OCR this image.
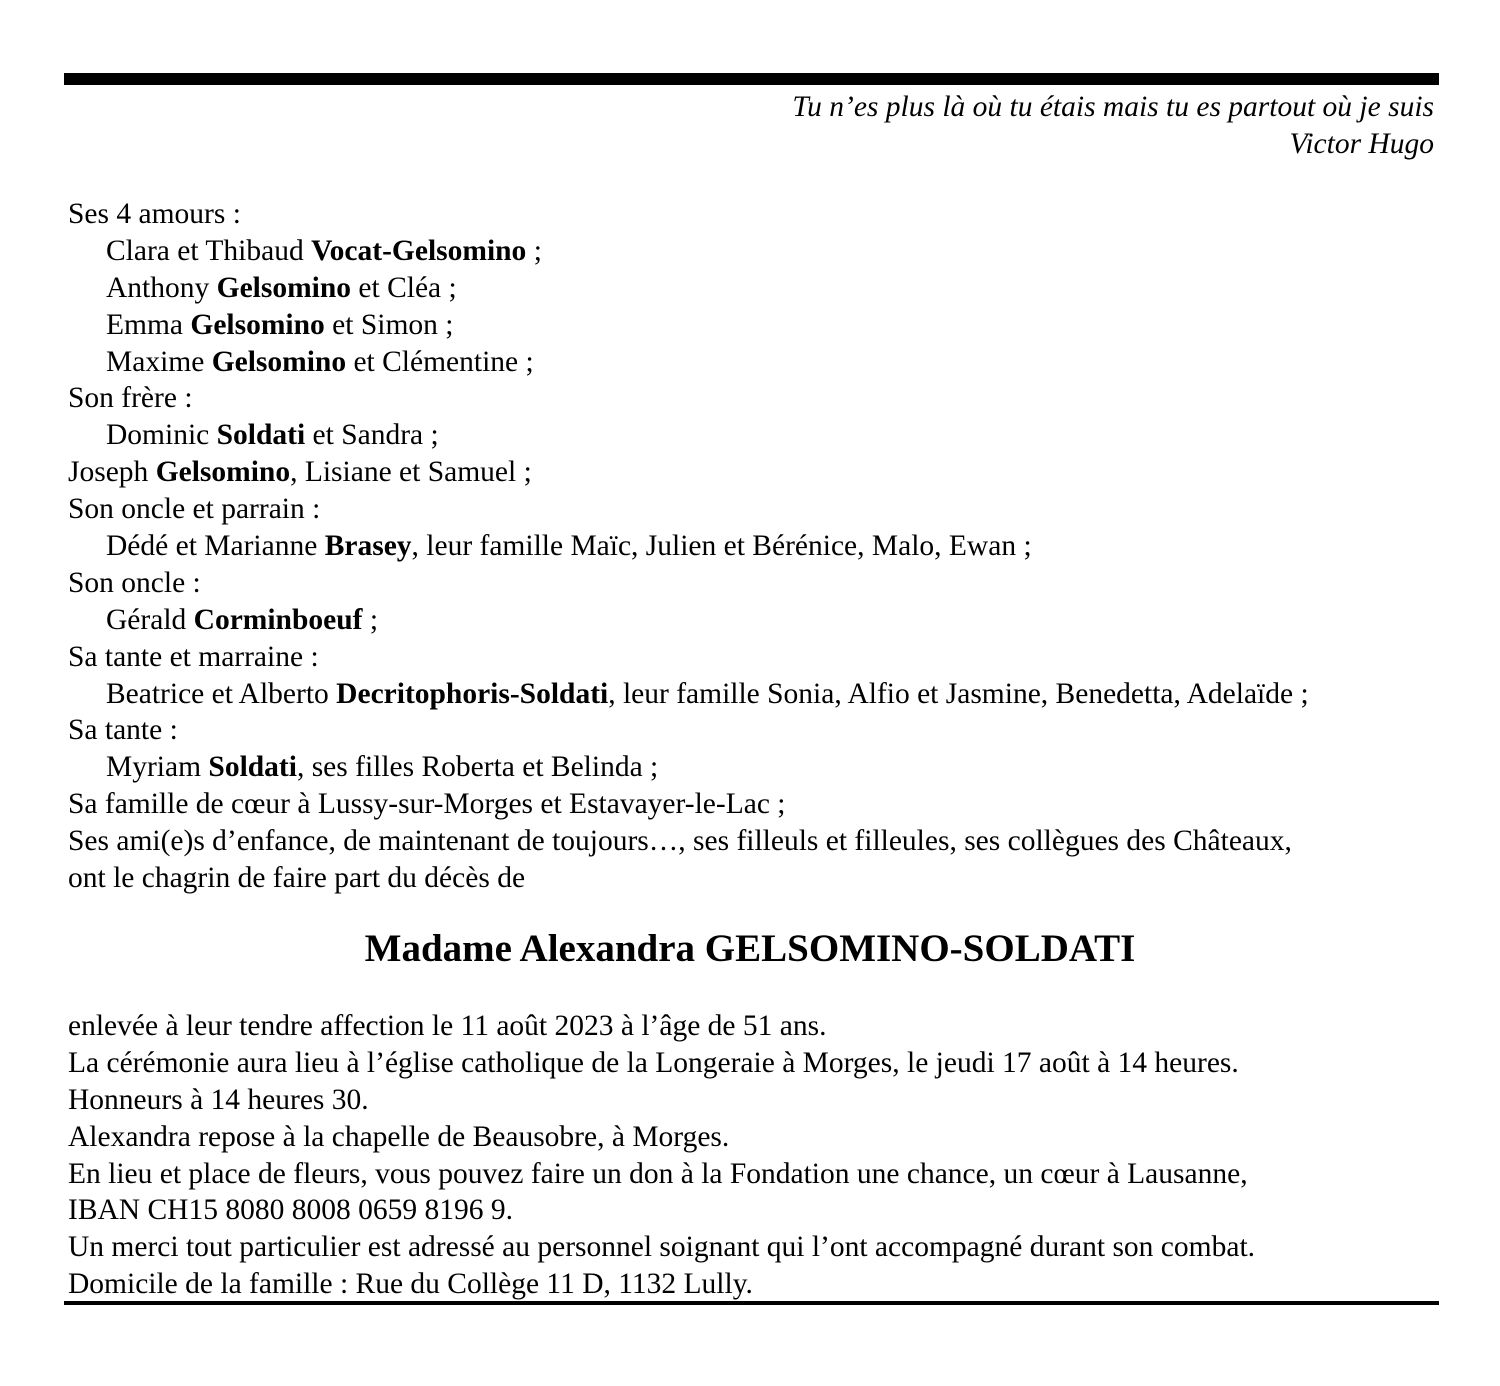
Tu n’es plus là où tu étais mais tu es partout où je suis
Victor Hugo
Ses 4 amours :
Clara et Thibaud Vocat-Gelsomino ;
Anthony Gelsomino et Cléa ;
Emma Gelsomino et Simon ;
Maxime Gelsomino et Clémentine ;
Son frère :
Dominic Soldati et Sandra ;
Joseph Gelsomino, Lisiane et Samuel ;
Son oncle et parrain :
Dédé et Marianne Brasey, leur famille Maïc, Julien et Bérénice, Malo, Ewan ;
Son oncle :
Gérald Corminboeuf ;
Sa tante et marraine :
Beatrice et Alberto Decritophoris-Soldati, leur famille Sonia, Alfio et Jasmine, Benedetta, Adelaïde ;
Sa tante :
Myriam Soldati, ses filles Roberta et Belinda ;
Sa famille de cœur à Lussy-sur-Morges et Estavayer-le-Lac ;
Ses ami(e)s d’enfance, de maintenant de toujours…, ses filleuls et filleules, ses collègues des Châteaux,
ont le chagrin de faire part du décès de
Madame Alexandra GELSOMINO-SOLDATI
enlevée à leur tendre affection le 11 août 2023 à l’âge de 51 ans.
La cérémonie aura lieu à l’église catholique de la Longeraie à Morges, le jeudi 17 août à 14 heures.
Honneurs à 14 heures 30.
Alexandra repose à la chapelle de Beausobre, à Morges.
En lieu et place de fleurs, vous pouvez faire un don à la Fondation une chance, un cœur à Lausanne,
IBAN CH15 8080 8008 0659 8196 9.
Un merci tout particulier est adressé au personnel soignant qui l’ont accompagné durant son combat.
Domicile de la famille : Rue du Collège 11 D, 1132 Lully.
